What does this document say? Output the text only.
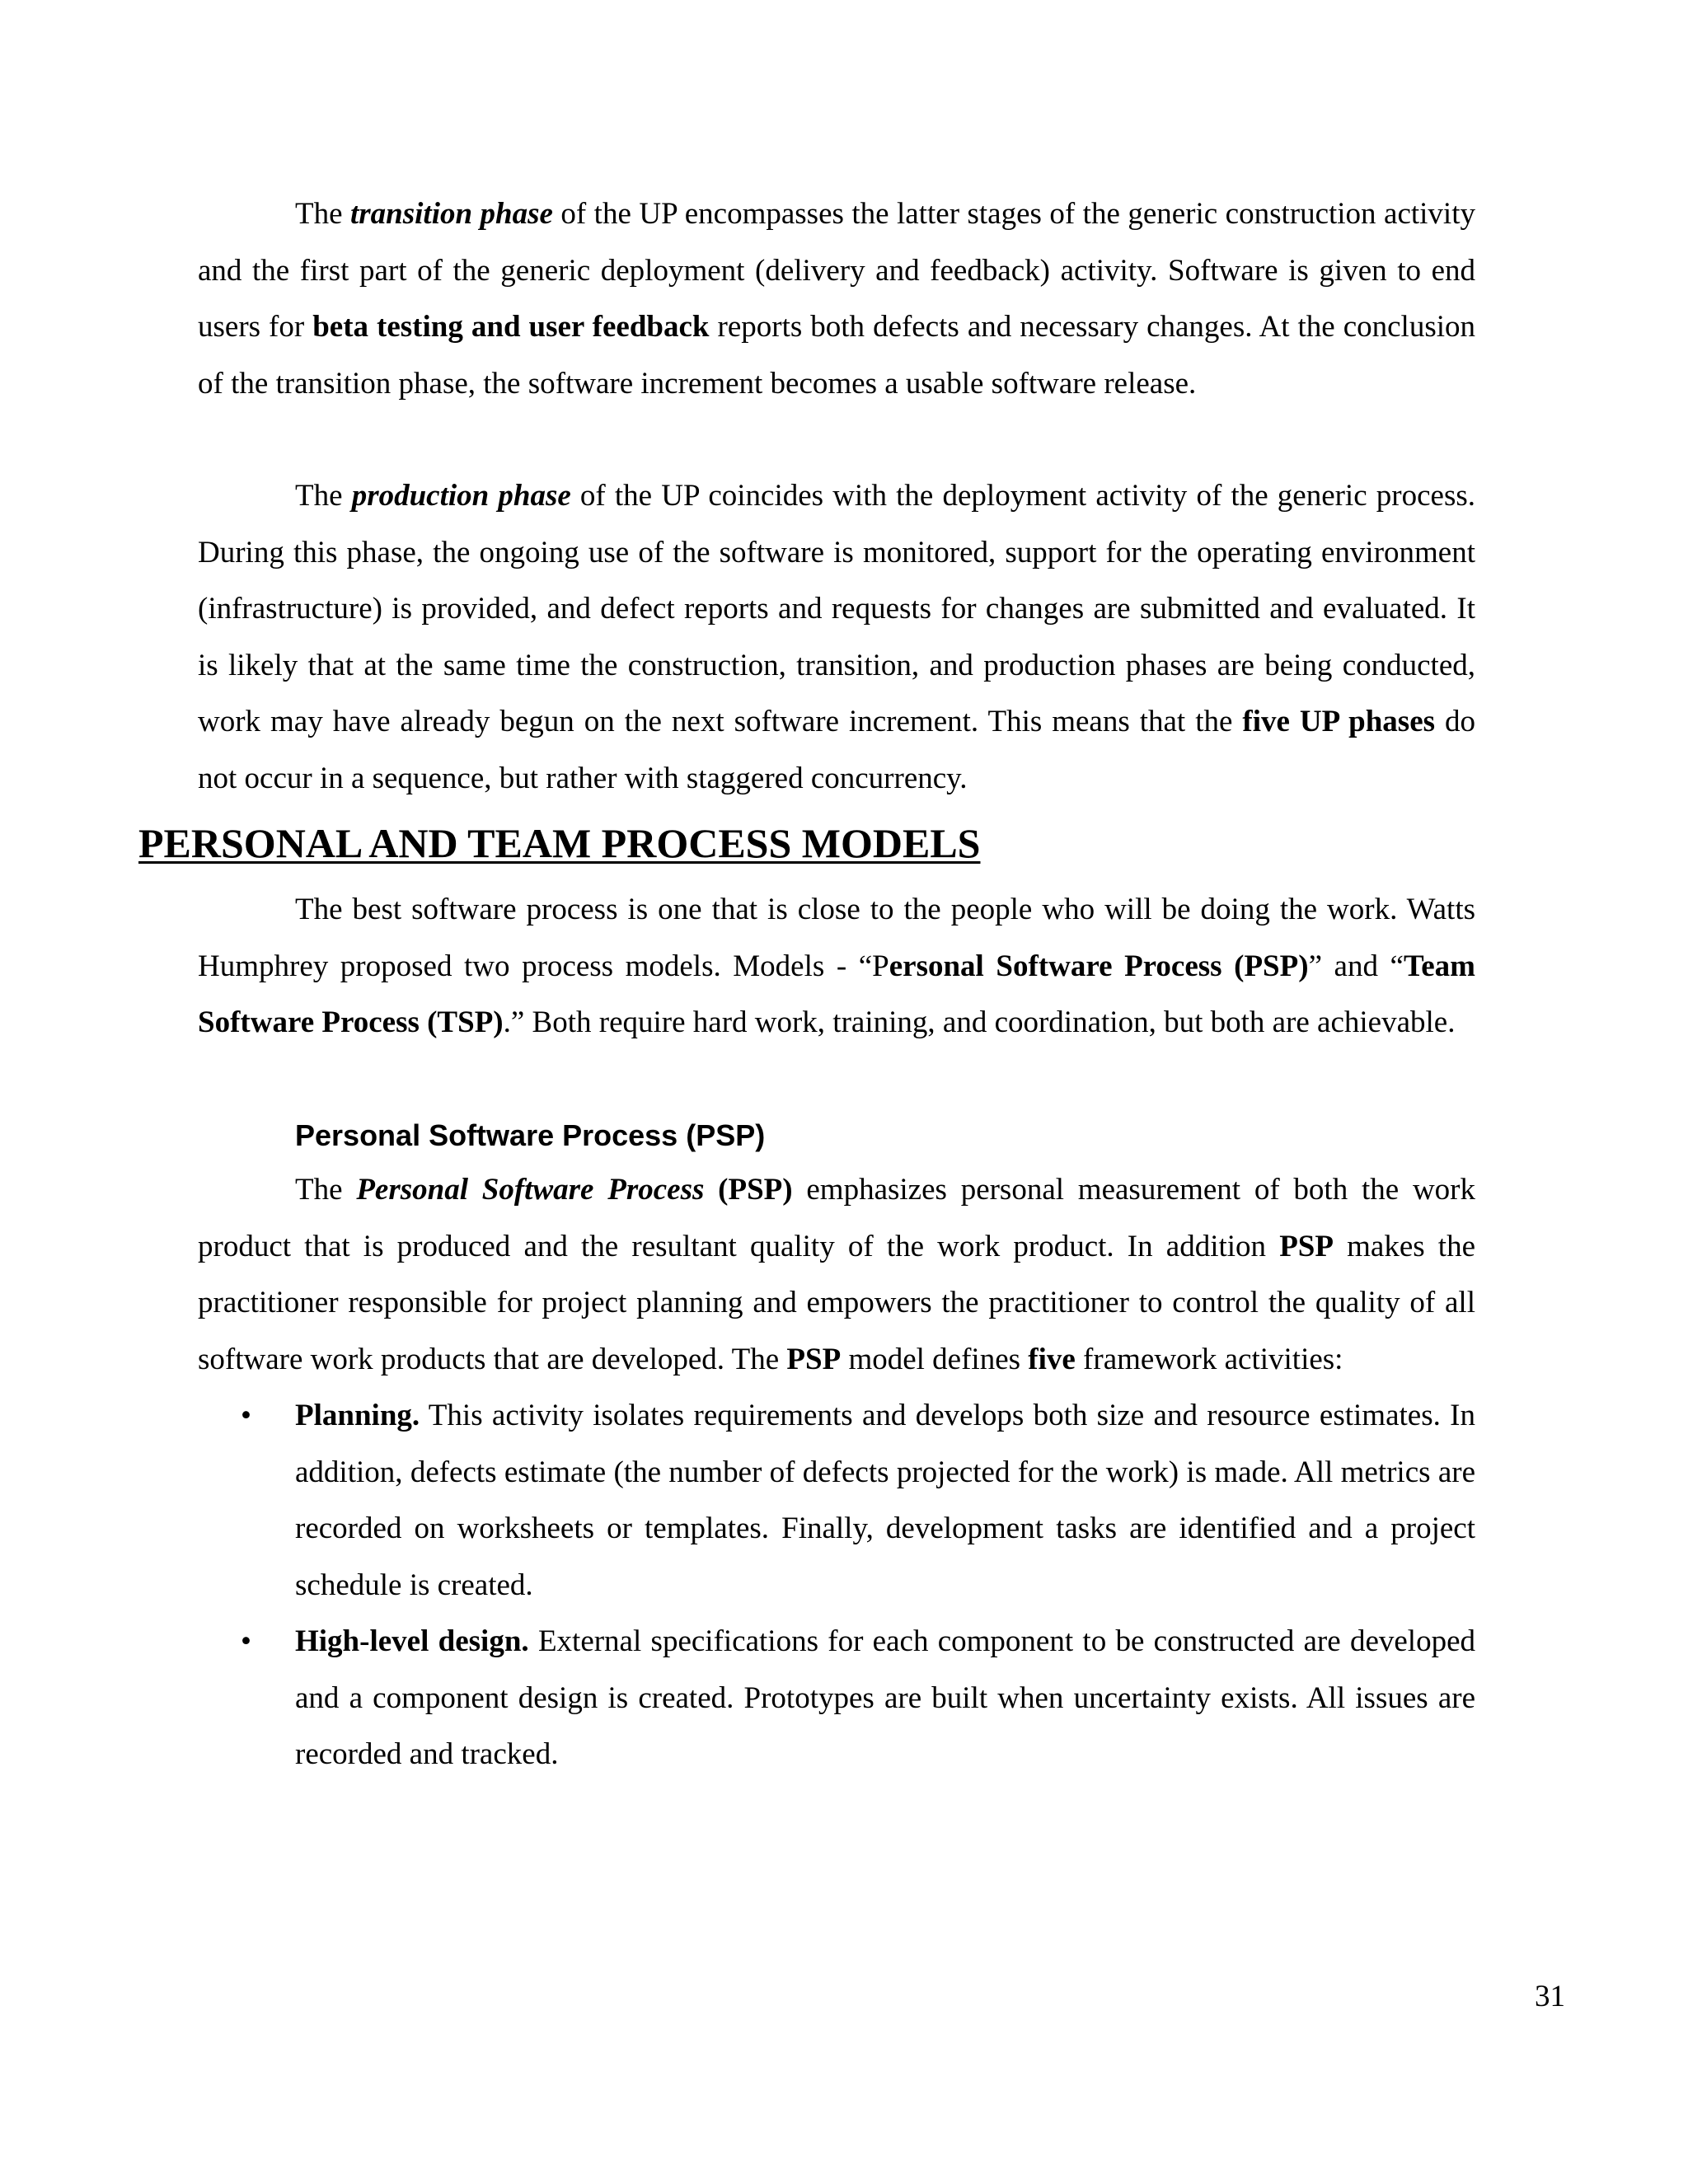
The transition phase of the UP encompasses the latter stages of the generic construction activity and the first part of the generic deployment (delivery and feedback) activity. Software is given to end users for beta testing and user feedback reports both defects and necessary changes. At the conclusion of the transition phase, the software increment becomes a usable software release.

The production phase of the UP coincides with the deployment activity of the generic process. During this phase, the ongoing use of the software is monitored, support for the operating environment (infrastructure) is provided, and defect reports and requests for changes are submitted and evaluated. It is likely that at the same time the construction, transition, and production phases are being conducted, work may have already begun on the next software increment. This means that the five UP phases do not occur in a sequence, but rather with staggered concurrency.

PERSONAL AND TEAM PROCESS MODELS

The best software process is one that is close to the people who will be doing the work. Watts Humphrey proposed two process models. Models - “Personal Software Process (PSP)” and “Team Software Process (TSP).” Both require hard work, training, and coordination, but both are achievable.

Personal Software Process (PSP)

The Personal Software Process (PSP) emphasizes personal measurement of both the work product that is produced and the resultant quality of the work product. In addition PSP makes the practitioner responsible for project planning and empowers the practitioner to control the quality of all software work products that are developed. The PSP model defines five framework activities:

• Planning. This activity isolates requirements and develops both size and resource estimates. In addition, defects estimate (the number of defects projected for the work) is made. All metrics are recorded on worksheets or templates. Finally, development tasks are identified and a project schedule is created.
• High-level design. External specifications for each component to be constructed are developed and a component design is created. Prototypes are built when uncertainty exists. All issues are recorded and tracked.
31
